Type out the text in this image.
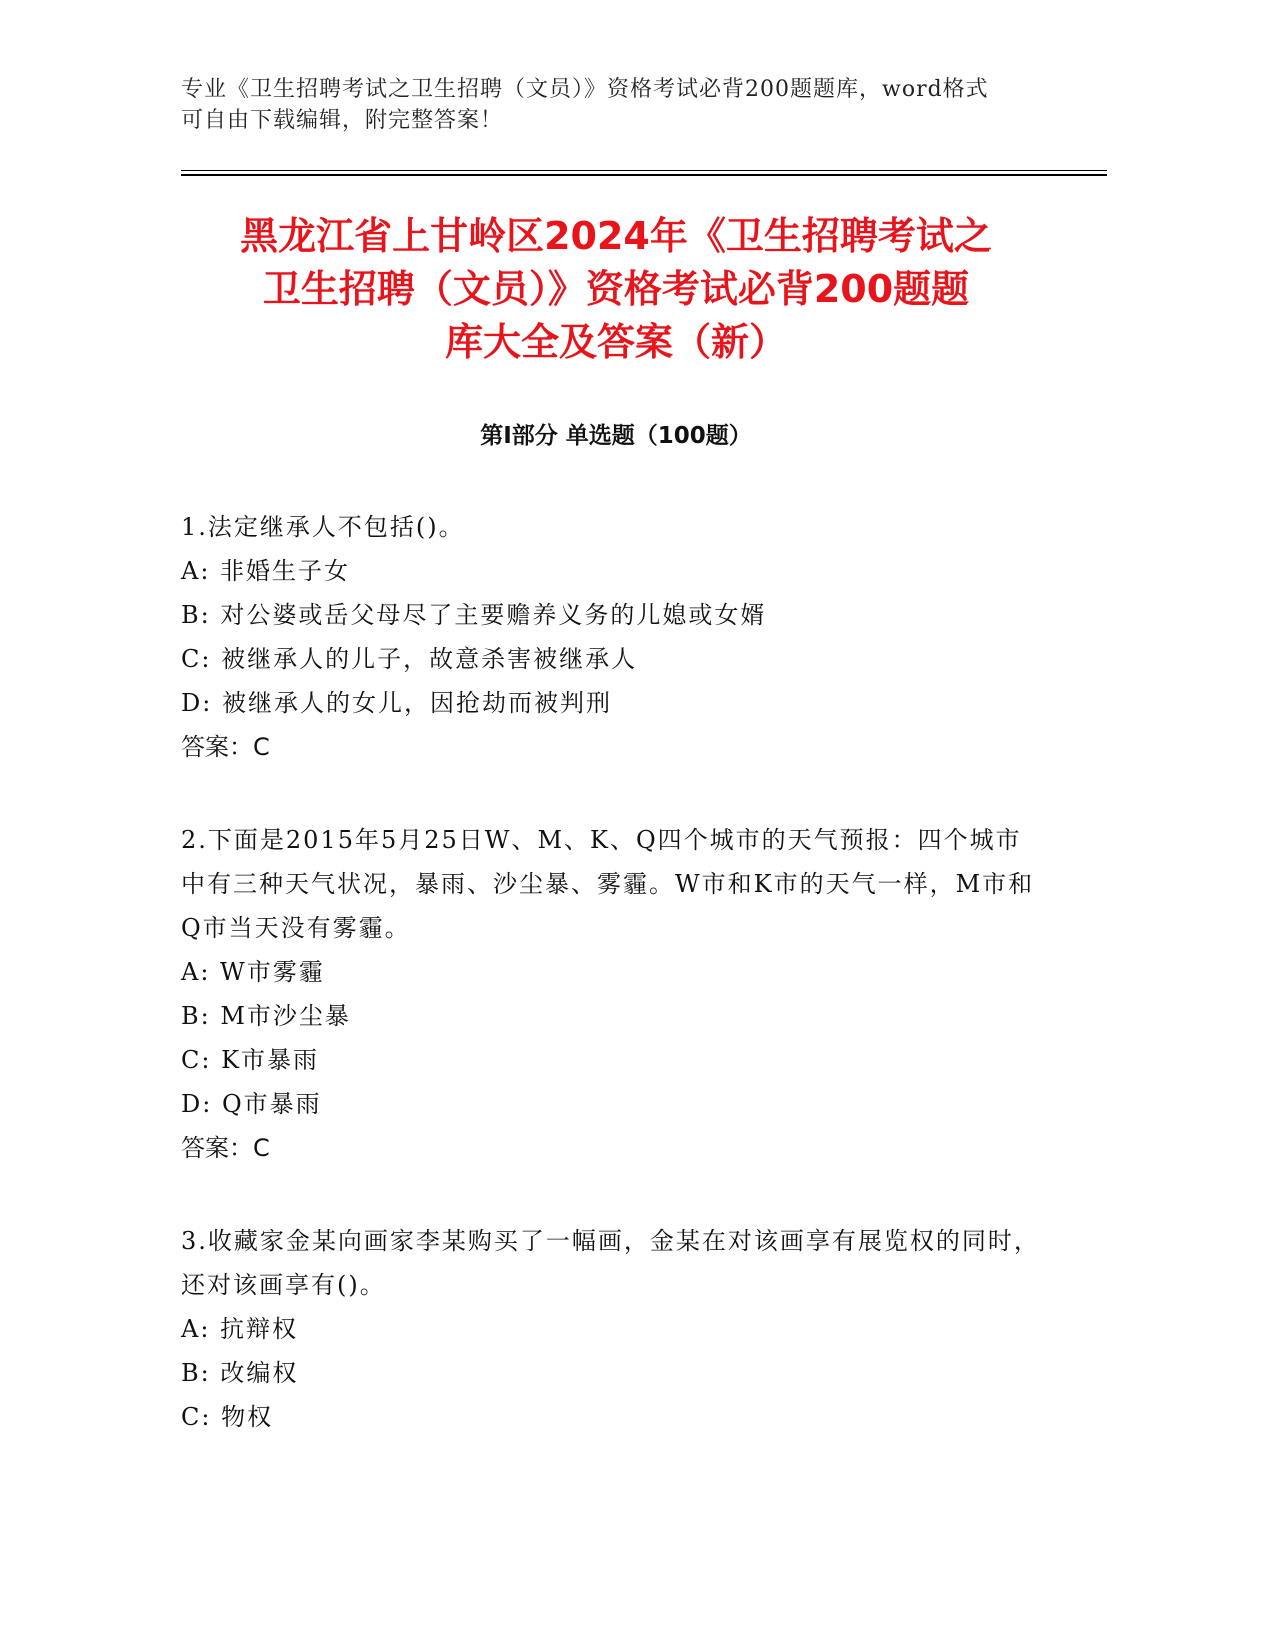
专业《卫生招聘考试之卫生招聘（文员）》资格考试必背200题题库，word格式
可自由下载编辑，附完整答案！
黑龙江省上甘岭区2024年《卫生招聘考试之
卫生招聘（文员）》资格考试必背200题题
库大全及答案（新）
第I部分 单选题（100题）
1.法定继承人不包括()。
A: 非婚生子女
B: 对公婆或岳父母尽了主要赡养义务的儿媳或女婿
C: 被继承人的儿子，故意杀害被继承人
D: 被继承人的女儿，因抢劫而被判刑
答案：C
2.下面是2015年5月25日W、M、K、Q四个城市的天气预报：四个城市中有三种天气状况，暴雨、沙尘暴、雾霾。W市和K市的天气一样，M市和Q市当天没有雾霾。
A: W市雾霾
B: M市沙尘暴
C: K市暴雨
D: Q市暴雨
答案：C
3.收藏家金某向画家李某购买了一幅画，金某在对该画享有展览权的同时，还对该画享有()。
A: 抗辩权
B: 改编权
C: 物权
